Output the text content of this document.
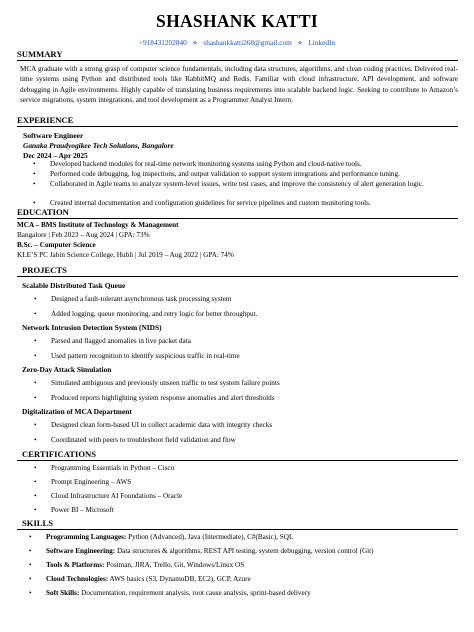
SHASHANK KATTI
+918431202840 ⋄ shashankkatti268@gmail.com ⋄ LinkedIn
SUMMARY
MCA graduate with a strong grasp of computer science fundamentals, including data structures, algorithms, and clean coding practices. Delivered real-time systems using Python and distributed tools like RabbitMQ and Redis. Familiar with cloud infrastructure, API development, and software debugging in Agile environments. Highly capable of translating business requirements into scalable backend logic. Seeking to contribute to Amazon’s service migrations, system integrations, and tool development as a Programmer Analyst Intern.
EXPERIENCE
Software Engineer
Ganaka Praudyogikee Tech Solutions, Bangalore
Dec 2024 – Apr 2025
• Developed backend modules for real-time network monitoring systems using Python and cloud-native tools.
• Performed code debugging, log inspections, and output validation to support system integrations and performance tuning.
• Collaborated in Agile teams to analyze system-level issues, write test cases, and improve the consistency of alert generation logic.
• Created internal documentation and configuration guidelines for service pipelines and custom monitoring tools.
EDUCATION
MCA – BMS Institute of Technology & Management
Bangalore | Feb 2023 – Aug 2024 | GPA: 73%
B.Sc. – Computer Science
KLE’S PC Jabin Science College, Hubli | Jul 2019 – Aug 2022 | GPA: 74%
PROJECTS
Scalable Distributed Task Queue
• Designed a fault-tolerant asynchronous task processing system
• Added logging, queue monitoring, and retry logic for better throughput.
Network Intrusion Detection System (NIDS)
• Parsed and flagged anomalies in live packet data
• Used pattern recognition to identify suspicious traffic in real-time
Zero-Day Attack Simulation
• Simulated ambiguous and previously unseen traffic to test system failure points
• Produced reports highlighting system response anomalies and alert thresholds
Digitalization of MCA Department
• Designed clean form-based UI to collect academic data with integrity checks
• Coordinated with peers to troubleshoot field validation and flow
CERTIFICATIONS
• Programming Essentials in Python – Cisco
• Prompt Engineering – AWS
• Cloud Infrastructure AI Foundations – Oracle
• Power BI – Microsoft
SKILLS
• Programming Languages: Python (Advanced), Java (Intermediate), C#(Basic), SQL
• Software Engineering: Data structures & algorithms, REST API testing, system debugging, version control (Git)
• Tools & Platforms: Postman, JIRA, Trello, Git, Windows/Linux OS
• Cloud Technologies: AWS basics (S3, DynamoDB, EC2), GCP, Azure
• Soft Skills: Documentation, requirement analysis, root cause analysis, sprint-based delivery
